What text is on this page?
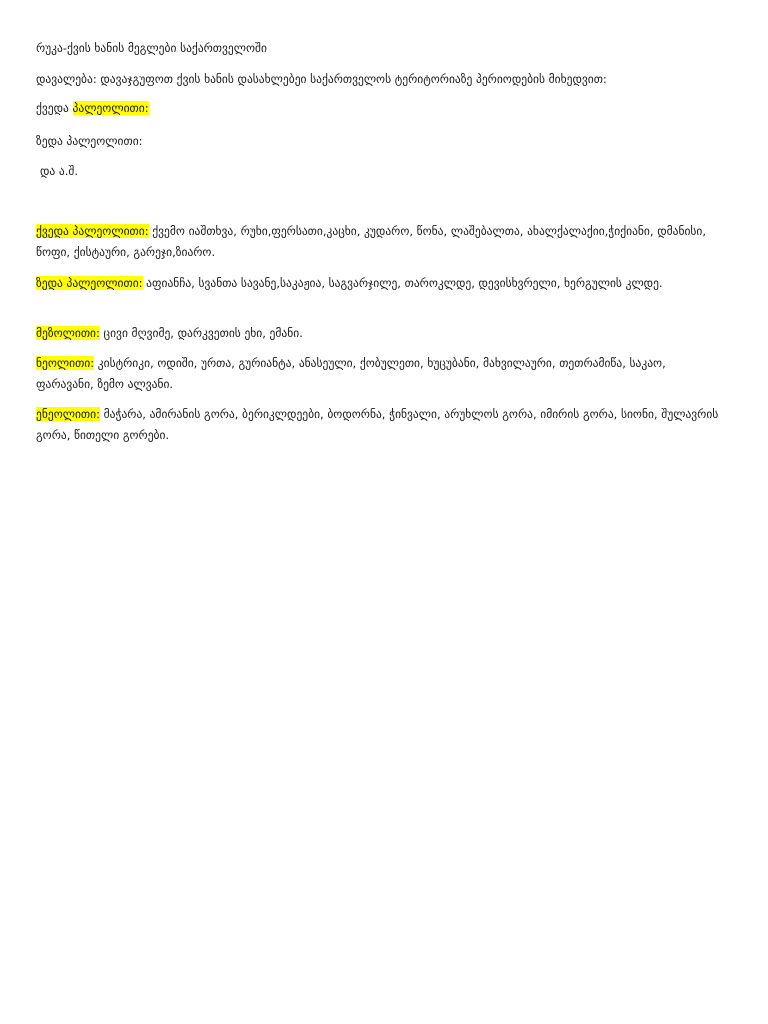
რუკა-ქვის ხანის მეგლები საქართველოში

დავალება: დავაჯგუფოთ ქვის ხანის დასახლებეი საქართველოს ტერიტორიაზე პერიოდების მიხედვით:

ქვედა პალეოლითი:

ზედა პალეოლითი:

და ა.შ.

ქვედა პალეოლითი: ქვემო იაშთხვა, რუხი,ფერსათი,კაცხი, კუდარო, წონა, ლაშებალთა, ახალქალაქიი,ჭიქიანი, დმანისი, წოფი, ქისტაური, გარეჯი,ზიარო.

ზედა პალეოლითი: აფიანჩა, სვანთა სავანე,საკაჟია, საგვარჯილე, თაროკლდე, დევისხვრელი, ხერგულის კლდე.

მეზოლითი: ცივი მღვიმე, დარკვეთის ეხი, ემანი.

ნეოლითი: კისტრიკი, ოდიში, ურთა, გურიანტა, ანასეული, ქობულეთი, ხუცუბანი, მახვილაური, თეთრამიწა, საკაო, ფარავანი, ზემო ალვანი.

ენეოლითი: მაჭარა, ამირანის გორა, ბერიკლდეები, ბოდორნა, ჭინვალი, არუხლოს გორა, იმირის გორა, სიონი, შულავრის გორა, წითელი გორები.
